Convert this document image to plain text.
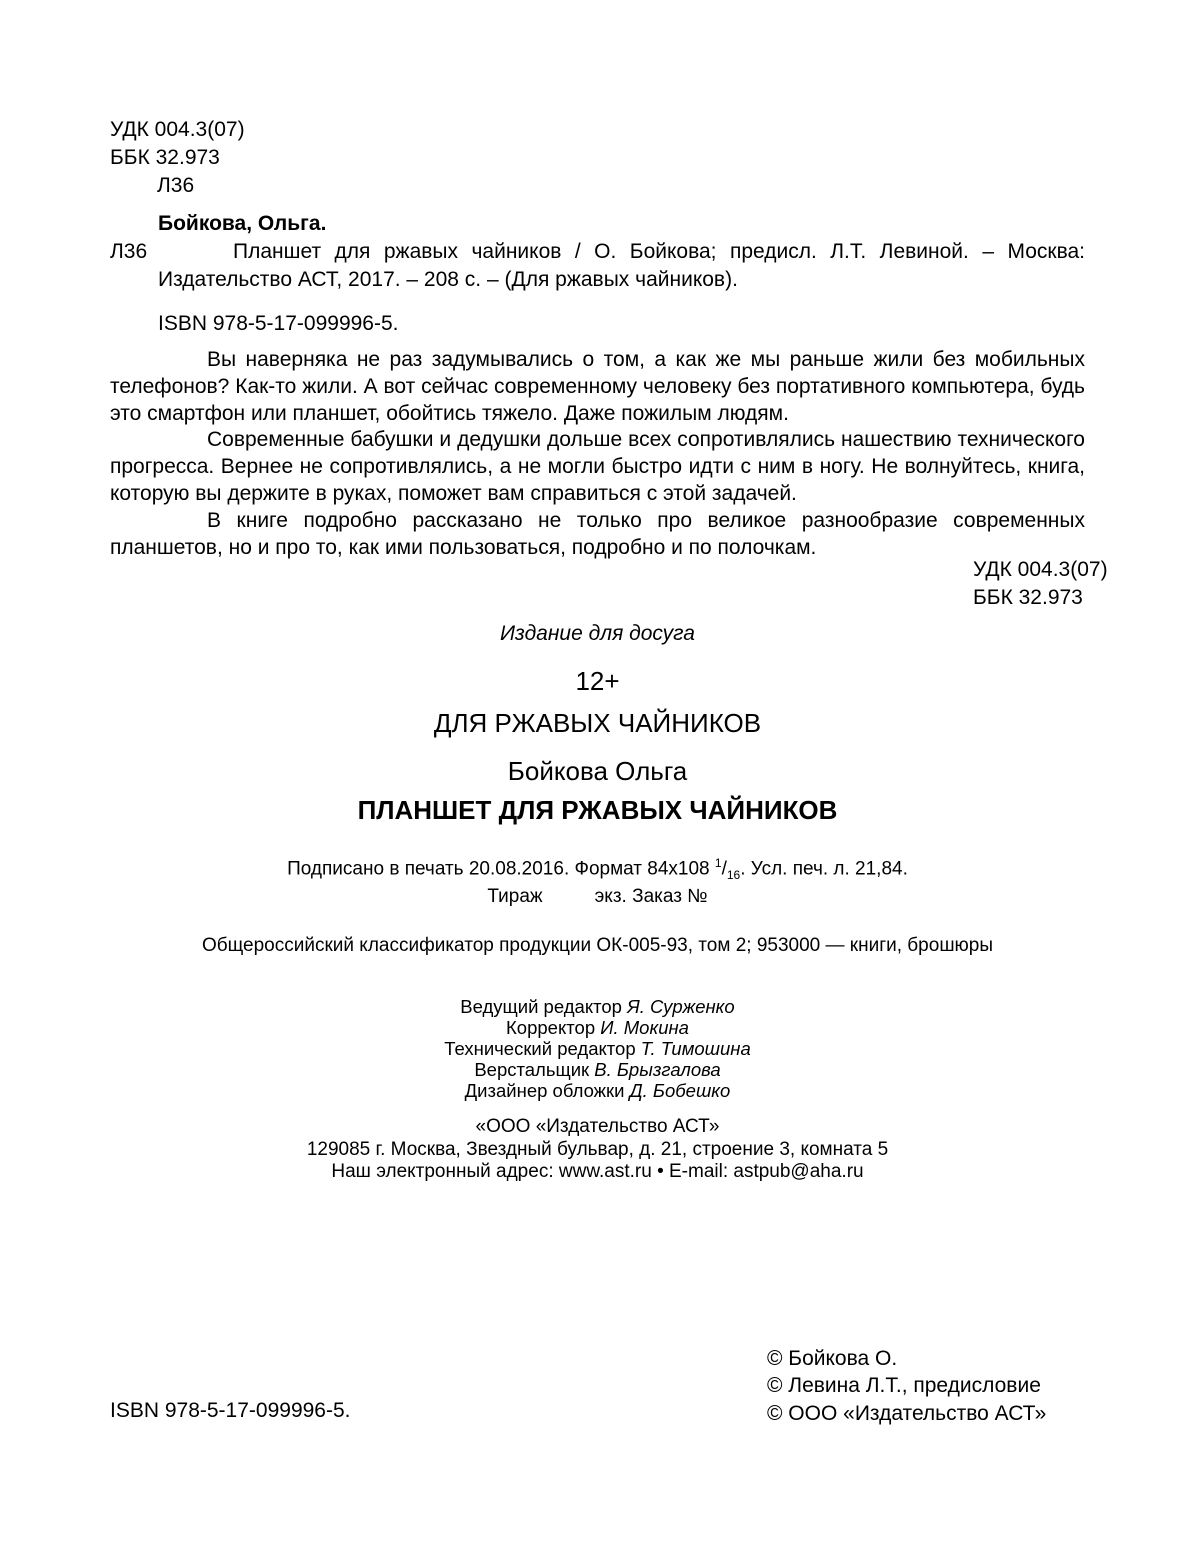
УДК 004.3(07)
ББК 32.973
Л36
Л36

Бойкова, Ольга.

Планшет для ржавых чайников / О. Бойкова; предисл. Л.Т. Левиной. – Москва: Издательство АСТ, 2017. – 208 с. – (Для ржавых чайников).

ISBN 978-5-17-099996-5.

Вы наверняка не раз задумывались о том, а как же мы раньше жили без мобильных телефонов? Как-то жили. А вот сейчас современному человеку без портативного компьютера, будь это смартфон или планшет, обойтись тяжело. Даже пожилым людям.

Современные бабушки и дедушки дольше всех сопротивлялись нашествию технического прогресса. Вернее не сопротивлялись, а не могли быстро идти с ним в ногу. Не волнуйтесь, книга, которую вы держите в руках, поможет вам справиться с этой задачей.

В книге подробно рассказано не только про великое разнообразие современных планшетов, но и про то, как ими пользоваться, подробно и по полочкам.

УДК 004.3(07)
ББК 32.973
Издание для досуга
12+
ДЛЯ РЖАВЫХ ЧАЙНИКОВ
Бойкова Ольга
ПЛАНШЕТ ДЛЯ РЖАВЫХ ЧАЙНИКОВ
Подписано в печать 20.08.2016. Формат 84х108 $^1/_{16}$. Усл. печ. л. 21,84.
Тираж	экз. Заказ №
Общероссийский классификатор продукции ОК-005-93, том 2; 953000 — книги, брошюры
Ведущий редактор Я. Сурженко
Корректор И. Мокина
Технический редактор Т. Тимошина
Верстальщик В. Брызгалова
Дизайнер обложки Д. Бобешко
«ООО «Издательство АСТ»
129085 г. Москва, Звездный бульвар, д. 21, строение 3, комната 5
Наш электронный адрес: www.ast.ru • E-mail: astpub@aha.ru
© Бойкова О.
© Левина Л.Т., предисловие
© ООО «Издательство АСТ»
ISBN 978-5-17-099996-5.
